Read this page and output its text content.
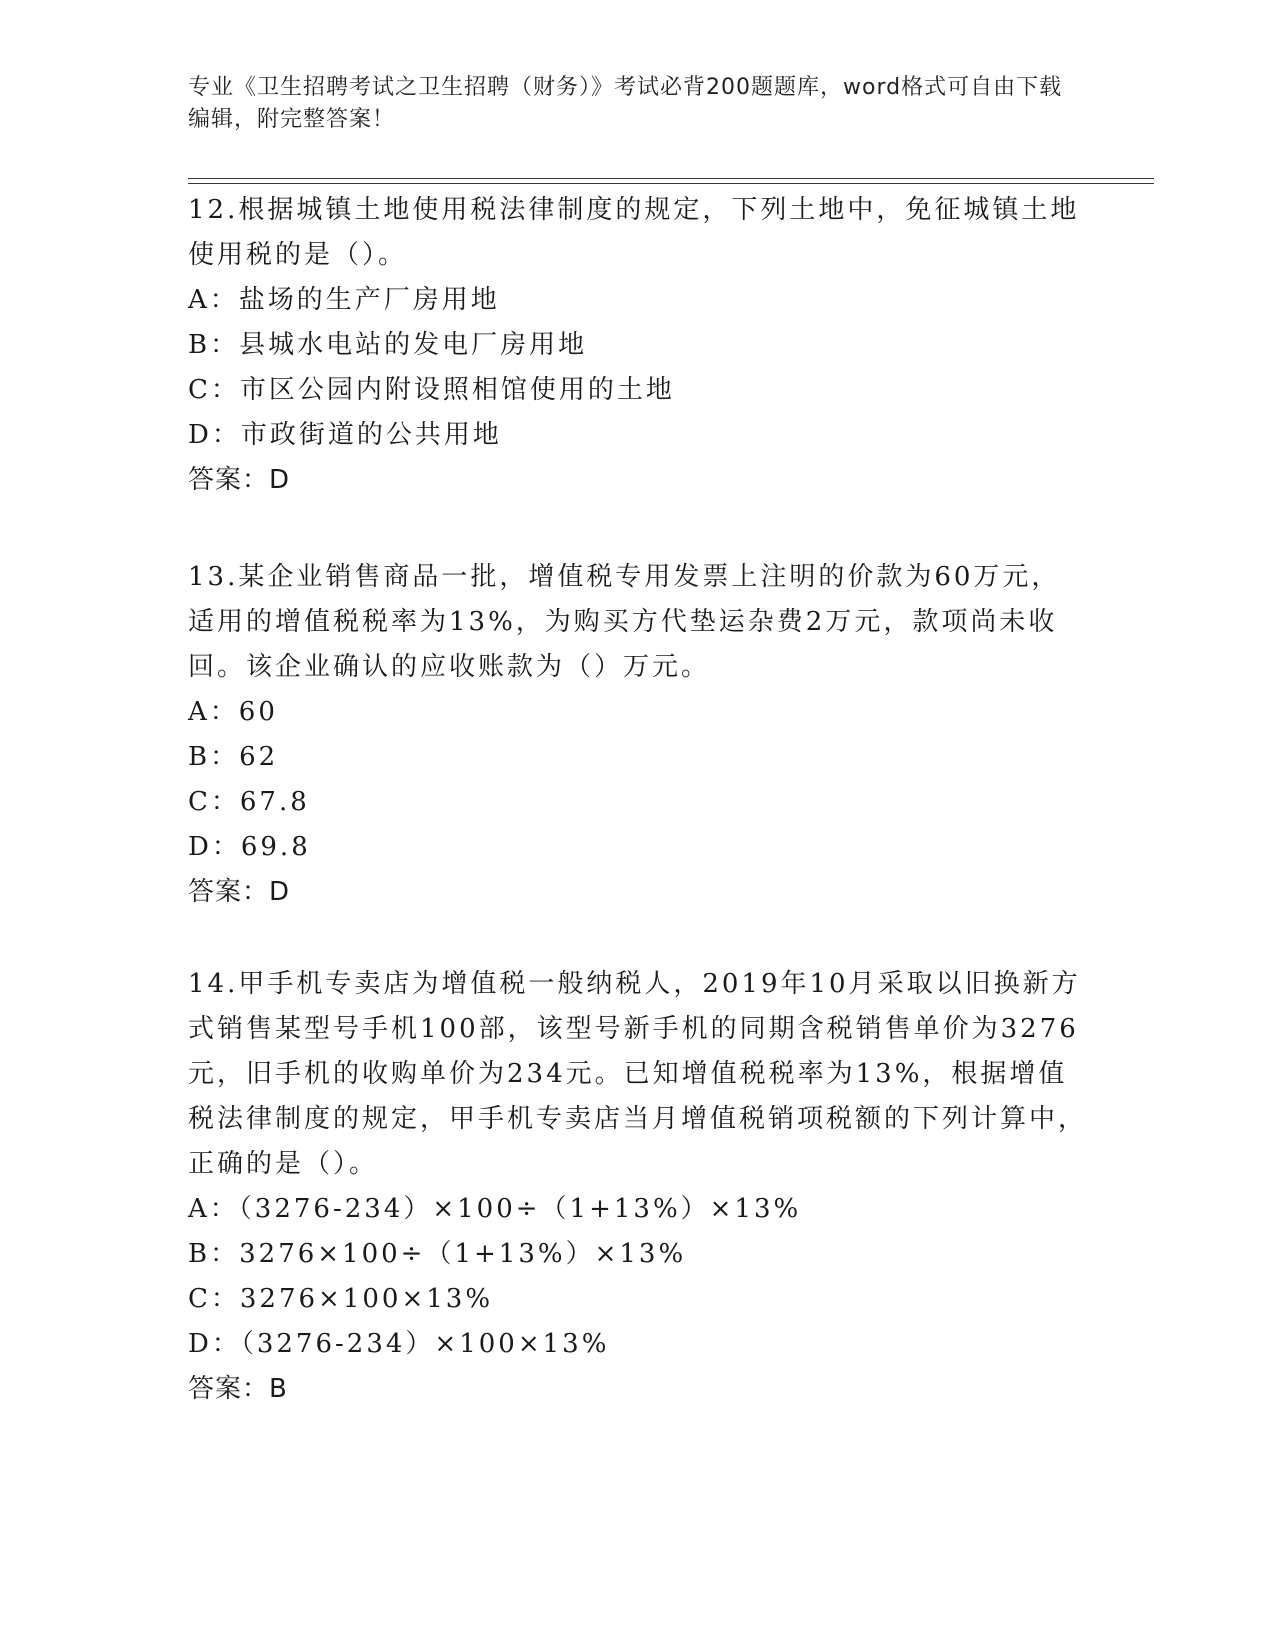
专业《卫生招聘考试之卫生招聘（财务）》考试必背200题题库，word格式可自由下载编辑，附完整答案！

12.根据城镇土地使用税法律制度的规定，下列土地中，免征城镇土地使用税的是（）。

A：盐场的生产厂房用地

B：县城水电站的发电厂房用地

C：市区公园内附设照相馆使用的土地

D：市政街道的公共用地

答案：D

13.某企业销售商品一批，增值税专用发票上注明的价款为60万元，适用的增值税税率为13%，为购买方代垫运杂费2万元，款项尚未收回。该企业确认的应收账款为（）万元。

A：60

B：62

C：67.8

D：69.8

答案：D

14.甲手机专卖店为增值税一般纳税人，2019年10月采取以旧换新方式销售某型号手机100部，该型号新手机的同期含税销售单价为3276元，旧手机的收购单价为234元。已知增值税税率为13%，根据增值税法律制度的规定，甲手机专卖店当月增值税销项税额的下列计算中，正确的是（）。

A：（3276-234）×100÷（1+13%）×13%

B：3276×100÷（1+13%）×13%

C：3276×100×13%

D：（3276-234）×100×13%

答案：B
